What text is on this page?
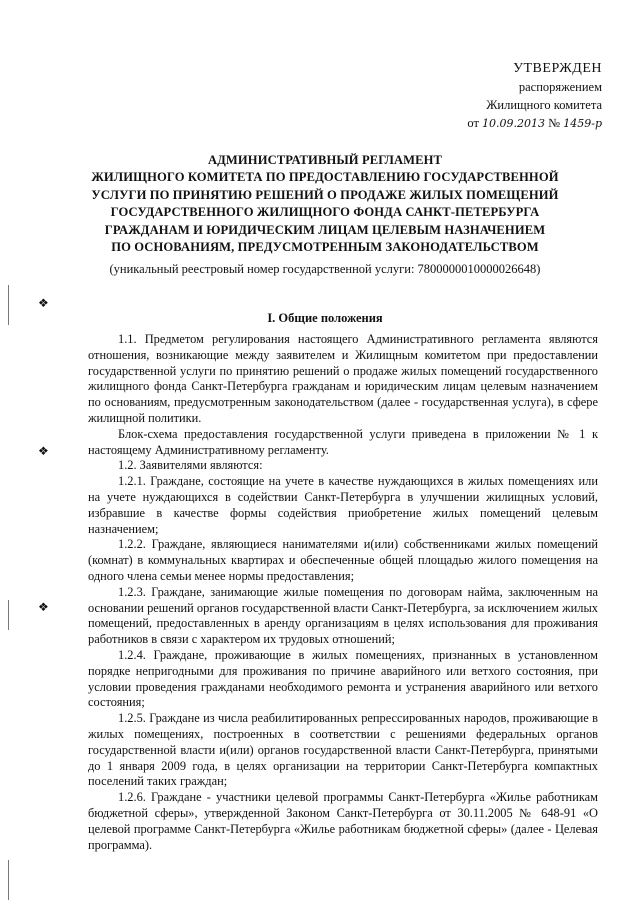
УТВЕРЖДЕН
распоряжением
Жилищного комитета
от 10.09.2013 № 1459-р
АДМИНИСТРАТИВНЫЙ РЕГЛАМЕНТ
ЖИЛИЩНОГО КОМИТЕТА ПО ПРЕДОСТАВЛЕНИЮ ГОСУДАРСТВЕННОЙ
УСЛУГИ ПО ПРИНЯТИЮ РЕШЕНИЙ О ПРОДАЖЕ ЖИЛЫХ ПОМЕЩЕНИЙ
ГОСУДАРСТВЕННОГО ЖИЛИЩНОГО ФОНДА САНКТ-ПЕТЕРБУРГА
ГРАЖДАНАМ И ЮРИДИЧЕСКИМ ЛИЦАМ ЦЕЛЕВЫМ НАЗНАЧЕНИЕМ
ПО ОСНОВАНИЯМ, ПРЕДУСМОТРЕННЫМ ЗАКОНОДАТЕЛЬСТВОМ
(уникальный реестровый номер государственной услуги: 7800000010000026648)
I. Общие положения

1.1. Предметом регулирования настоящего Административного регламента являются отношения, возникающие между заявителем и Жилищным комитетом при предоставлении государственной услуги по принятию решений о продаже жилых помещений государственного жилищного фонда Санкт-Петербурга гражданам и юридическим лицам целевым назначением по основаниям, предусмотренным законодательством (далее - государственная услуга), в сфере жилищной политики.

Блок-схема предоставления государственной услуги приведена в приложении № 1 к настоящему Административному регламенту.

1.2. Заявителями являются:

1.2.1. Граждане, состоящие на учете в качестве нуждающихся в жилых помещениях или на учете нуждающихся в содействии Санкт-Петербурга в улучшении жилищных условий, избравшие в качестве формы содействия приобретение жилых помещений целевым назначением;

1.2.2. Граждане, являющиеся нанимателями и(или) собственниками жилых помещений (комнат) в коммунальных квартирах и обеспеченные общей площадью жилого помещения на одного члена семьи менее нормы предоставления;

1.2.3. Граждане, занимающие жилые помещения по договорам найма, заключенным на основании решений органов государственной власти Санкт-Петербурга, за исключением жилых помещений, предоставленных в аренду организациям в целях использования для проживания работников в связи с характером их трудовых отношений;

1.2.4. Граждане, проживающие в жилых помещениях, признанных в установленном порядке непригодными для проживания по причине аварийного или ветхого состояния, при условии проведения гражданами необходимого ремонта и устранения аварийного или ветхого состояния;

1.2.5. Граждане из числа реабилитированных репрессированных народов, проживающие в жилых помещениях, построенных в соответствии с решениями федеральных органов государственной власти и(или) органов государственной власти Санкт-Петербурга, принятыми до 1 января 2009 года, в целях организации на территории Санкт-Петербурга компактных поселений таких граждан;

1.2.6. Граждане - участники целевой программы Санкт-Петербурга «Жилье работникам бюджетной сферы», утвержденной Законом Санкт-Петербурга от 30.11.2005 № 648-91 «О целевой программе Санкт-Петербурга «Жилье работникам бюджетной сферы» (далее - Целевая программа).

❖
❖
❖
